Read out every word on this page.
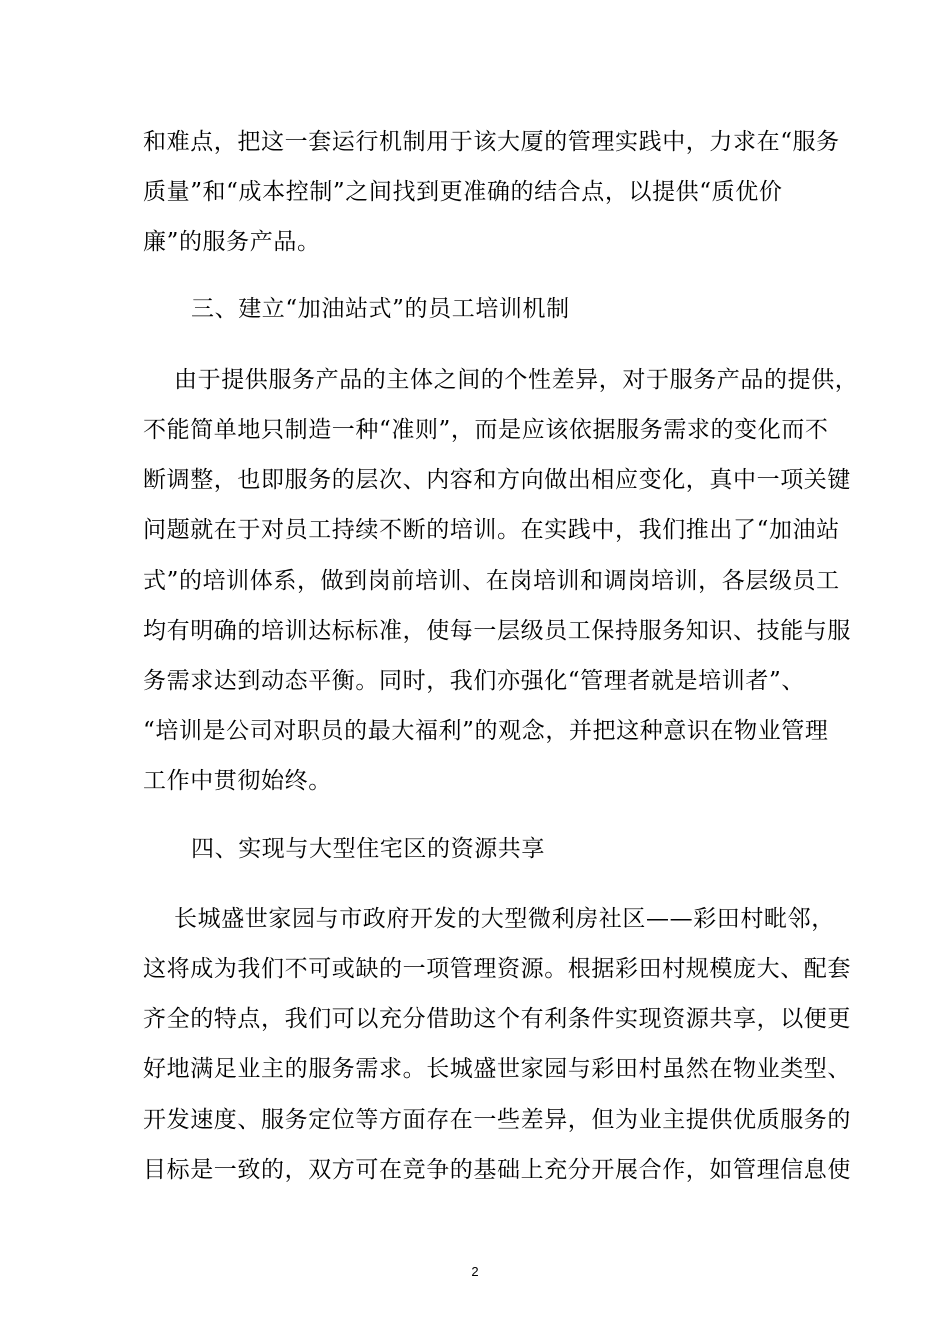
和难点，把这一套运行机制用于该大厦的管理实践中，力求在“服务
质量”和“成本控制”之间找到更准确的结合点，以提供“质优价
廉”的服务产品。
三、建立“加油站式”的员工培训机制
由于提供服务产品的主体之间的个性差异，对于服务产品的提供，
不能简单地只制造一种“准则”，而是应该依据服务需求的变化而不
断调整，也即服务的层次、内容和方向做出相应变化，真中一项关键
问题就在于对员工持续不断的培训。在实践中，我们推出了“加油站
式”的培训体系，做到岗前培训、在岗培训和调岗培训，各层级员工
均有明确的培训达标标准，使每一层级员工保持服务知识、技能与服
务需求达到动态平衡。同时，我们亦强化“管理者就是培训者”、
“培训是公司对职员的最大福利”的观念，并把这种意识在物业管理
工作中贯彻始终。
四、实现与大型住宅区的资源共享
长城盛世家园与市政府开发的大型微利房社区——彩田村毗邻，
这将成为我们不可或缺的一项管理资源。根据彩田村规模庞大、配套
齐全的特点，我们可以充分借助这个有利条件实现资源共享，以便更
好地满足业主的服务需求。长城盛世家园与彩田村虽然在物业类型、
开发速度、服务定位等方面存在一些差异，但为业主提供优质服务的
目标是一致的，双方可在竞争的基础上充分开展合作，如管理信息使
2
